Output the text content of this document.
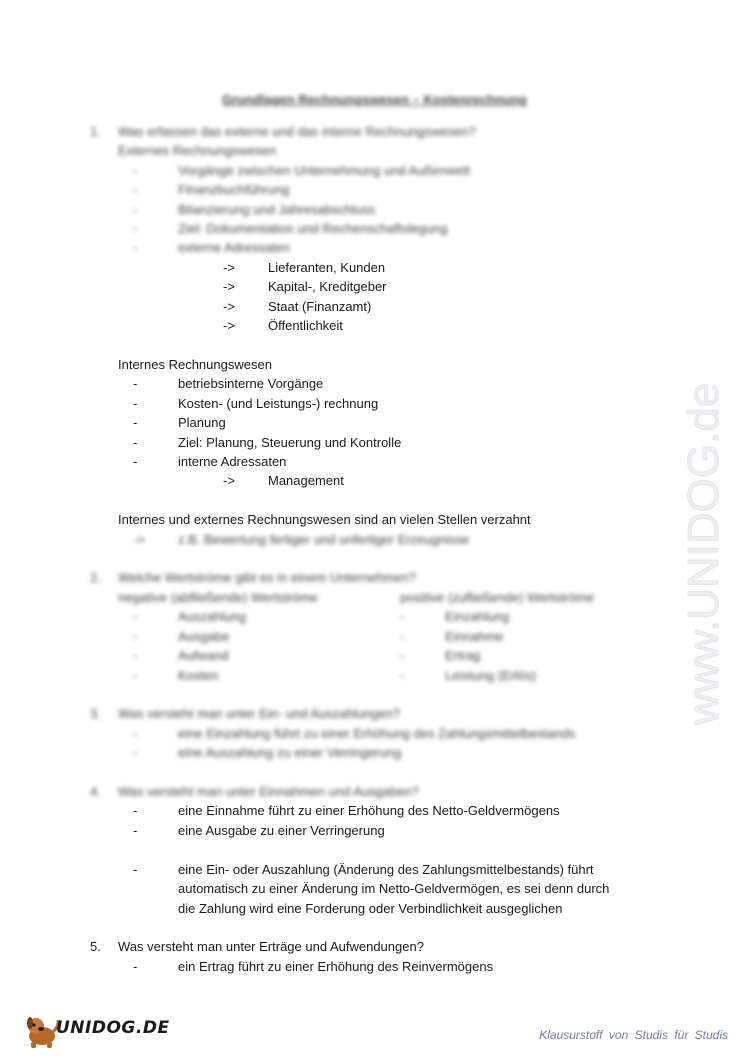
Grundlagen Rechnungswesen – Kostenrechnung
1. Was erfassen das externe und das interne Rechnungswesen?
Externes Rechnungswesen
-	Vorgänge zwischen Unternehmung und Außenwelt
-	Finanzbuchführung
-	Bilanzierung und Jahresabschluss
-	Ziel: Dokumentation und Rechenschaftslegung
-	externe Adressaten
->	Lieferanten, Kunden
->	Kapital-, Kreditgeber
->	Staat (Finanzamt)
->	Öffentlichkeit
Internes Rechnungswesen
-	betriebsinterne Vorgänge
-	Kosten- (und Leistungs-) rechnung
-	Planung
-	Ziel: Planung, Steuerung und Kontrolle
-	interne Adressaten
->	Management
Internes und externes Rechnungswesen sind an vielen Stellen verzahnt
->	z.B. Bewertung fertiger und unfertiger Erzeugnisse
2. Welche Wertströme gibt es in einem Unternehmen?
negative (abfließende) Wertströme	positive (zufließende) Wertströme
-	Auszahlung	-	Einzahlung
-	Ausgabe	-	Einnahme
-	Aufwand	-	Ertrag
-	Kosten	-	Leistung (Erlös)
3. Was versteht man unter Ein- und Auszahlungen?
-	eine Einzahlung führt zu einer Erhöhung des Zahlungsmittelbestands
-	eine Auszahlung zu einer Verringerung
4. Was versteht man unter Einnahmen und Ausgaben?
-	eine Einnahme führt zu einer Erhöhung des Netto-Geldvermögens
-	eine Ausgabe zu einer Verringerung
-	eine Ein- oder Auszahlung (Änderung des Zahlungsmittelbestands) führt
automatisch zu einer Änderung im Netto-Geldvermögen, es sei denn durch
die Zahlung wird eine Forderung oder Verbindlichkeit ausgeglichen
5. Was versteht man unter Erträge und Aufwendungen?
-	ein Ertrag führt zu einer Erhöhung des Reinvermögens
www.UNIDOG.de
UNIDOG.DE	Klausurstoff von Studis für Studis
